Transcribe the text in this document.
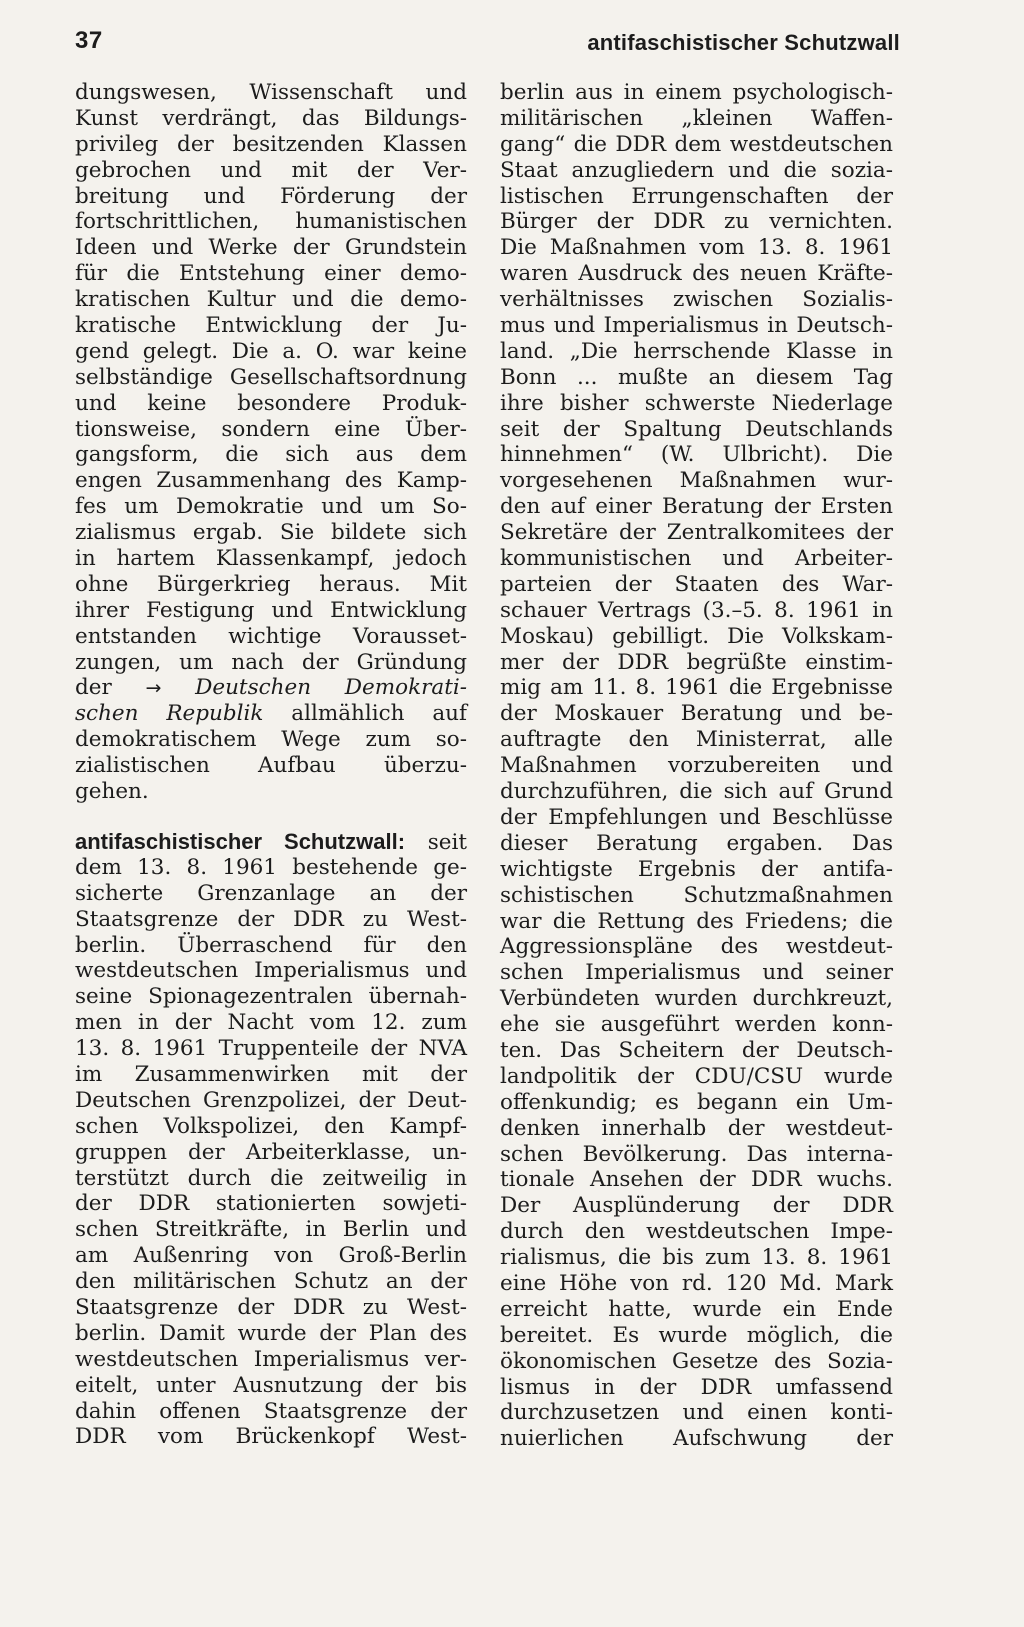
37	antifaschistischer Schutzwall
dungswesen, Wissenschaft und
Kunst verdrängt, das Bildungs-
privileg der besitzenden Klassen
gebrochen und mit der Ver-
breitung und Förderung der
fortschrittlichen, humanistischen
Ideen und Werke der Grundstein
für die Entstehung einer demo-
kratischen Kultur und die demo-
kratische Entwicklung der Ju-
gend gelegt. Die a. O. war keine
selbständige Gesellschaftsordnung
und keine besondere Produk-
tionsweise, sondern eine Über-
gangsform, die sich aus dem
engen Zusammenhang des Kamp-
fes um Demokratie und um So-
zialismus ergab. Sie bildete sich
in hartem Klassenkampf, jedoch
ohne Bürgerkrieg heraus. Mit
ihrer Festigung und Entwicklung
entstanden wichtige Vorausset-
zungen, um nach der Gründung
der → Deutschen Demokrati-
schen Republik allmählich auf
demokratischem Wege zum so-
zialistischen Aufbau überzu-
gehen.
antifaschistischer Schutzwall: seit
dem 13. 8. 1961 bestehende ge-
sicherte Grenzanlage an der
Staatsgrenze der DDR zu West-
berlin. Überraschend für den
westdeutschen Imperialismus und
seine Spionagezentralen übernah-
men in der Nacht vom 12. zum
13. 8. 1961 Truppenteile der NVA
im Zusammenwirken mit der
Deutschen Grenzpolizei, der Deut-
schen Volkspolizei, den Kampf-
gruppen der Arbeiterklasse, un-
terstützt durch die zeitweilig in
der DDR stationierten sowjeti-
schen Streitkräfte, in Berlin und
am Außenring von Groß-Berlin
den militärischen Schutz an der
Staatsgrenze der DDR zu West-
berlin. Damit wurde der Plan des
westdeutschen Imperialismus ver-
eitelt, unter Ausnutzung der bis
dahin offenen Staatsgrenze der
DDR vom Brückenkopf West-
berlin aus in einem psychologisch-
militärischen „kleinen Waffen-
gang“ die DDR dem westdeutschen
Staat anzugliedern und die sozia-
listischen Errungenschaften der
Bürger der DDR zu vernichten.
Die Maßnahmen vom 13. 8. 1961
waren Ausdruck des neuen Kräfte-
verhältnisses zwischen Sozialis-
mus und Imperialismus in Deutsch-
land. „Die herrschende Klasse in
Bonn ... mußte an diesem Tag
ihre bisher schwerste Niederlage
seit der Spaltung Deutschlands
hinnehmen“ (W. Ulbricht). Die
vorgesehenen Maßnahmen wur-
den auf einer Beratung der Ersten
Sekretäre der Zentralkomitees der
kommunistischen und Arbeiter-
parteien der Staaten des War-
schauer Vertrags (3.–5. 8. 1961 in
Moskau) gebilligt. Die Volkskam-
mer der DDR begrüßte einstim-
mig am 11. 8. 1961 die Ergebnisse
der Moskauer Beratung und be-
auftragte den Ministerrat, alle
Maßnahmen vorzubereiten und
durchzuführen, die sich auf Grund
der Empfehlungen und Beschlüsse
dieser Beratung ergaben. Das
wichtigste Ergebnis der antifa-
schistischen Schutzmaßnahmen
war die Rettung des Friedens; die
Aggressionspläne des westdeut-
schen Imperialismus und seiner
Verbündeten wurden durchkreuzt,
ehe sie ausgeführt werden konn-
ten. Das Scheitern der Deutsch-
landpolitik der CDU/CSU wurde
offenkundig; es begann ein Um-
denken innerhalb der westdeut-
schen Bevölkerung. Das interna-
tionale Ansehen der DDR wuchs.
Der Ausplünderung der DDR
durch den westdeutschen Impe-
rialismus, die bis zum 13. 8. 1961
eine Höhe von rd. 120 Md. Mark
erreicht hatte, wurde ein Ende
bereitet. Es wurde möglich, die
ökonomischen Gesetze des Sozia-
lismus in der DDR umfassend
durchzusetzen und einen konti-
nuierlichen Aufschwung der
